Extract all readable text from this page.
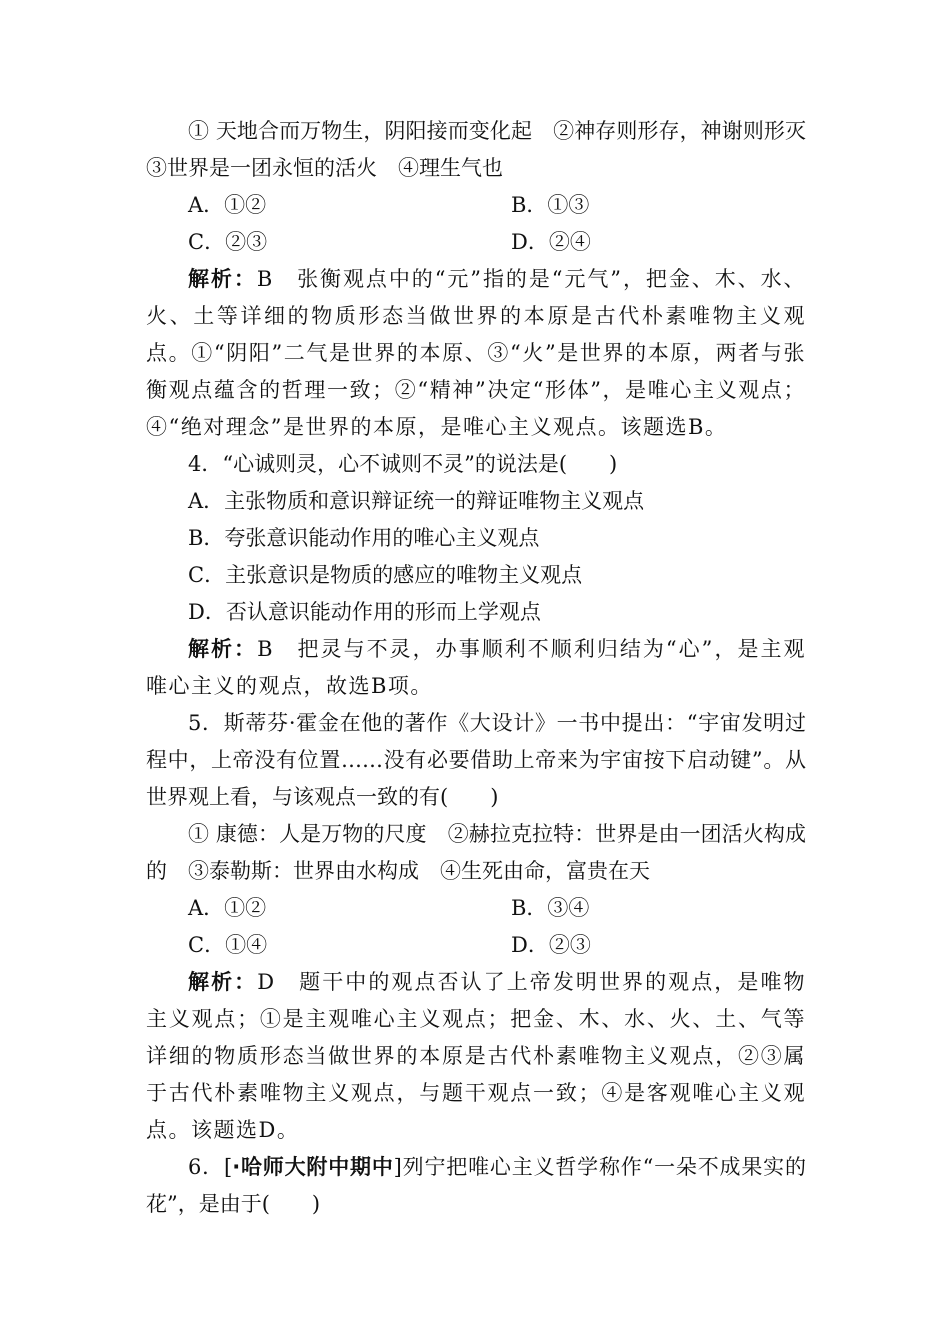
① 天地合而万物生，阴阳接而变化起　②神存则形存，神谢则形灭　③世界是一团永恒的活火　④理生气也

A．①②	B．①③
C．②③	D．②④

解析：B　张衡观点中的“元”指的是“元气”，把金、木、水、火、土等详细的物质形态当做世界的本原是古代朴素唯物主义观点。①“阴阳”二气是世界的本原、③“火”是世界的本原，两者与张衡观点蕴含的哲理一致；②“精神”决定“形体”，是唯心主义观点；④“绝对理念”是世界的本原，是唯心主义观点。该题选B。

4．“心诚则灵，心不诚则不灵”的说法是(　　)

A．主张物质和意识辩证统一的辩证唯物主义观点

B．夸张意识能动作用的唯心主义观点

C．主张意识是物质的感应的唯物主义观点

D．否认意识能动作用的形而上学观点

解析：B　把灵与不灵，办事顺利不顺利归结为“心”，是主观唯心主义的观点，故选B项。

5．斯蒂芬·霍金在他的著作《大设计》一书中提出：“宇宙发明过程中，上帝没有位置……没有必要借助上帝来为宇宙按下启动键”。从世界观上看，与该观点一致的有(　　)

① 康德：人是万物的尺度　②赫拉克拉特：世界是由一团活火构成的　③泰勒斯：世界由水构成　④生死由命，富贵在天

A．①②	B．③④
C．①④	D．②③

解析：D　题干中的观点否认了上帝发明世界的观点，是唯物主义观点；①是主观唯心主义观点；把金、木、水、火、土、气等详细的物质形态当做世界的本原是古代朴素唯物主义观点，②③属于古代朴素唯物主义观点，与题干观点一致；④是客观唯心主义观点。该题选D。

6．[·哈师大附中期中]列宁把唯心主义哲学称作“一朵不成果实的花”，是由于(　　)
